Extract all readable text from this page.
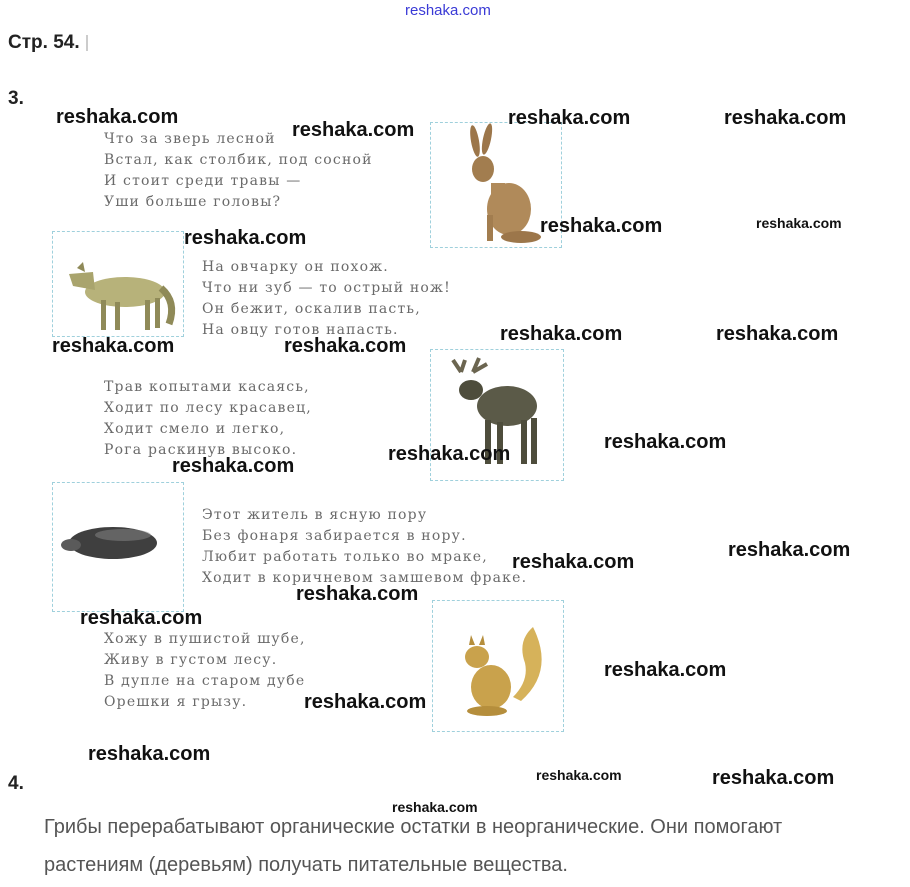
reshaka.com
Стр. 54.
3.
Что за зверь лесной
Встал, как столбик, под сосной
И стоит среди травы —
Уши больше головы?
На овчарку он похож.
Что ни зуб — то острый нож!
Он бежит, оскалив пасть,
На овцу готов напасть.
Трав копытами касаясь,
Ходит по лесу красавец,
Ходит смело и легко,
Рога раскинув высоко.
Этот житель в ясную пору
Без фонаря забирается в нору.
Любит работать только во мраке,
Ходит в коричневом замшевом фраке.
Хожу в пушистой шубе,
Живу в густом лесу.
В дупле на старом дубе
Орешки я грызу.
4.
Грибы перерабатывают органические остатки в неорганические. Они помогают
растениям (деревьям) получать питательные вещества.
reshaka.com
reshaka.com
reshaka.com	reshaka.com
reshaka.com	reshaka.com
reshaka.com
reshaka.com	reshaka.com
reshaka.com	reshaka.com
reshaka.com
reshaka.com
reshaka.com
reshaka.com
reshaka.com
reshaka.com
reshaka.com
reshaka.com
reshaka.com
reshaka.com
reshaka.com	reshaka.com
reshaka.com
